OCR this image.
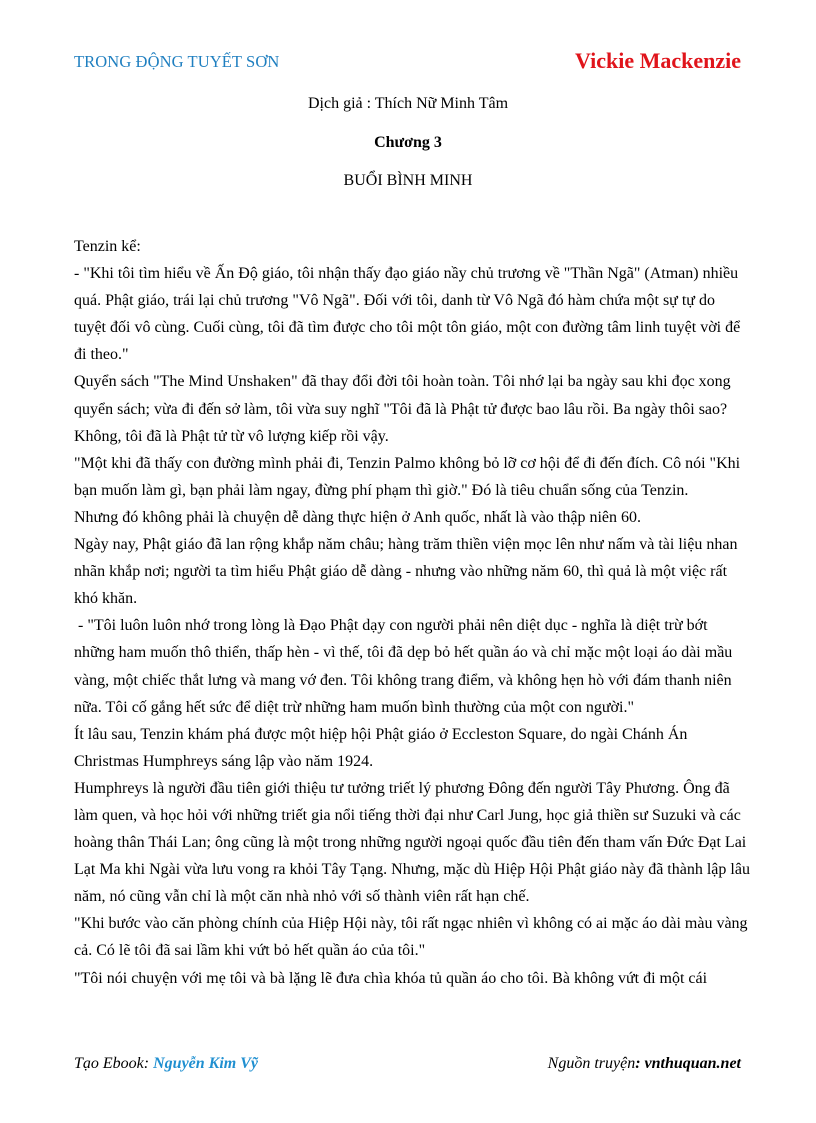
TRONG ĐỘNG TUYẾT SƠN	Vickie Mackenzie
Dịch giả : Thích Nữ Minh Tâm
Chương 3
BUỔI BÌNH MINH

Tenzin kể:

- "Khi tôi tìm hiểu về Ấn Độ giáo, tôi nhận thấy đạo giáo nầy chủ trương về "Thần Ngã" (Atman) nhiều quá. Phật giáo, trái lại chủ trương "Vô Ngã". Đối với tôi, danh từ Vô Ngã đó hàm chứa một sự tự do tuyệt đối vô cùng. Cuối cùng, tôi đã tìm được cho tôi một tôn giáo, một con đường tâm linh tuyệt vời để đi theo."

Quyển sách "The Mind Unshaken" đã thay đổi đời tôi hoàn toàn. Tôi nhớ lại ba ngày sau khi đọc xong quyển sách; vừa đi đến sở làm, tôi vừa suy nghĩ "Tôi đã là Phật tử được bao lâu rồi. Ba ngày thôi sao? Không, tôi đã là Phật tử từ vô lượng kiếp rồi vậy.

"Một khi đã thấy con đường mình phải đi, Tenzin Palmo không bỏ lỡ cơ hội để đi đến đích. Cô nói "Khi bạn muốn làm gì, bạn phải làm ngay, đừng phí phạm thì giờ." Đó là tiêu chuẩn sống của Tenzin.

Nhưng đó không phải là chuyện dễ dàng thực hiện ở Anh quốc, nhất là vào thập niên 60.

Ngày nay, Phật giáo đã lan rộng khắp năm châu; hàng trăm thiền viện mọc lên như nấm và tài liệu nhan nhãn khắp nơi; người ta tìm hiểu Phật giáo dễ dàng - nhưng vào những năm 60, thì quả là một việc rất khó khăn.

- "Tôi luôn luôn nhớ trong lòng là Đạo Phật dạy con người phải nên diệt dục - nghĩa là diệt trừ bớt những ham muốn thô thiển, thấp hèn - vì thế, tôi đã dẹp bỏ hết quần áo và chỉ mặc một loại áo dài mầu vàng, một chiếc thắt lưng và mang vớ đen. Tôi không trang điểm, và không hẹn hò với đám thanh niên nữa. Tôi cố gắng hết sức để diệt trừ những ham muốn bình thường của một con người."

Ít lâu sau, Tenzin khám phá được một hiệp hội Phật giáo ở Eccleston Square, do ngài Chánh Án Christmas Humphreys sáng lập vào năm 1924.

Humphreys là người đầu tiên giới thiệu tư tưởng triết lý phương Đông đến người Tây Phương. Ông đã làm quen, và học hỏi với những triết gia nổi tiếng thời đại như Carl Jung, học giả thiền sư Suzuki và các hoàng thân Thái Lan; ông cũng là một trong những người ngoại quốc đầu tiên đến tham vấn Đức Đạt Lai Lạt Ma khi Ngài vừa lưu vong ra khỏi Tây Tạng. Nhưng, mặc dù Hiệp Hội Phật giáo này đã thành lập lâu năm, nó cũng vẫn chỉ là một căn nhà nhỏ với số thành viên rất hạn chế.

"Khi bước vào căn phòng chính của Hiệp Hội này, tôi rất ngạc nhiên vì không có ai mặc áo dài màu vàng cả. Có lẽ tôi đã sai lầm khi vứt bỏ hết quần áo của tôi."

"Tôi nói chuyện với mẹ tôi và bà lặng lẽ đưa chìa khóa tủ quần áo cho tôi. Bà không vứt đi một cái

Tạo Ebook: Nguyễn Kim Vỹ	Nguồn truyện: vnthuquan.net
